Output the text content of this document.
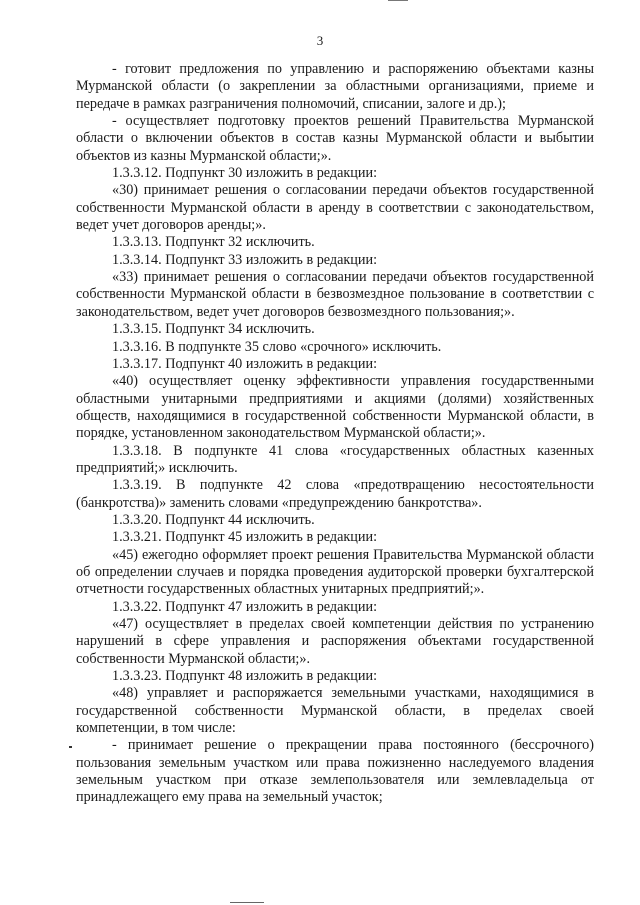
3

- готовит предложения по управлению и распоряжению объектами казны Мурманской области (о закреплении за областными организациями, приеме и передаче в рамках разграничения полномочий, списании, залоге и др.);

- осуществляет подготовку проектов решений Правительства Мурманской области о включении объектов в состав казны Мурманской области и выбытии объектов из казны Мурманской области;».

1.3.3.12. Подпункт 30 изложить в редакции:

«30) принимает решения о согласовании передачи объектов государственной собственности Мурманской области в аренду в соответствии с законодательством, ведет учет договоров аренды;».

1.3.3.13. Подпункт 32 исключить.

1.3.3.14. Подпункт 33 изложить в редакции:

«33) принимает решения о согласовании передачи объектов государственной собственности Мурманской области в безвозмездное пользование в соответствии с законодательством, ведет учет договоров безвозмездного пользования;».

1.3.3.15. Подпункт 34 исключить.

1.3.3.16. В подпункте 35 слово «срочного» исключить.

1.3.3.17. Подпункт 40 изложить в редакции:

«40) осуществляет оценку эффективности управления государственными областными унитарными предприятиями и акциями (долями) хозяйственных обществ, находящимися в государственной собственности Мурманской области, в порядке, установленном законодательством Мурманской области;».

1.3.3.18. В подпункте 41 слова «государственных областных казенных предприятий;» исключить.

1.3.3.19. В подпункте 42 слова «предотвращению несостоятельности (банкротства)» заменить словами «предупреждению банкротства».

1.3.3.20. Подпункт 44 исключить.

1.3.3.21. Подпункт 45 изложить в редакции:

«45) ежегодно оформляет проект решения Правительства Мурманской области об определении случаев и порядка проведения аудиторской проверки бухгалтерской отчетности государственных областных унитарных предприятий;».

1.3.3.22. Подпункт 47 изложить в редакции:

«47) осуществляет в пределах своей компетенции действия по устранению нарушений в сфере управления и распоряжения объектами государственной собственности Мурманской области;».

1.3.3.23. Подпункт 48 изложить в редакции:

«48) управляет и распоряжается земельными участками, находящимися в государственной собственности Мурманской области, в пределах своей компетенции, в том числе:

- принимает решение о прекращении права постоянного (бессрочного) пользования земельным участком или права пожизненно наследуемого владения земельным участком при отказе землепользователя или землевладельца от принадлежащего ему права на земельный участок;
